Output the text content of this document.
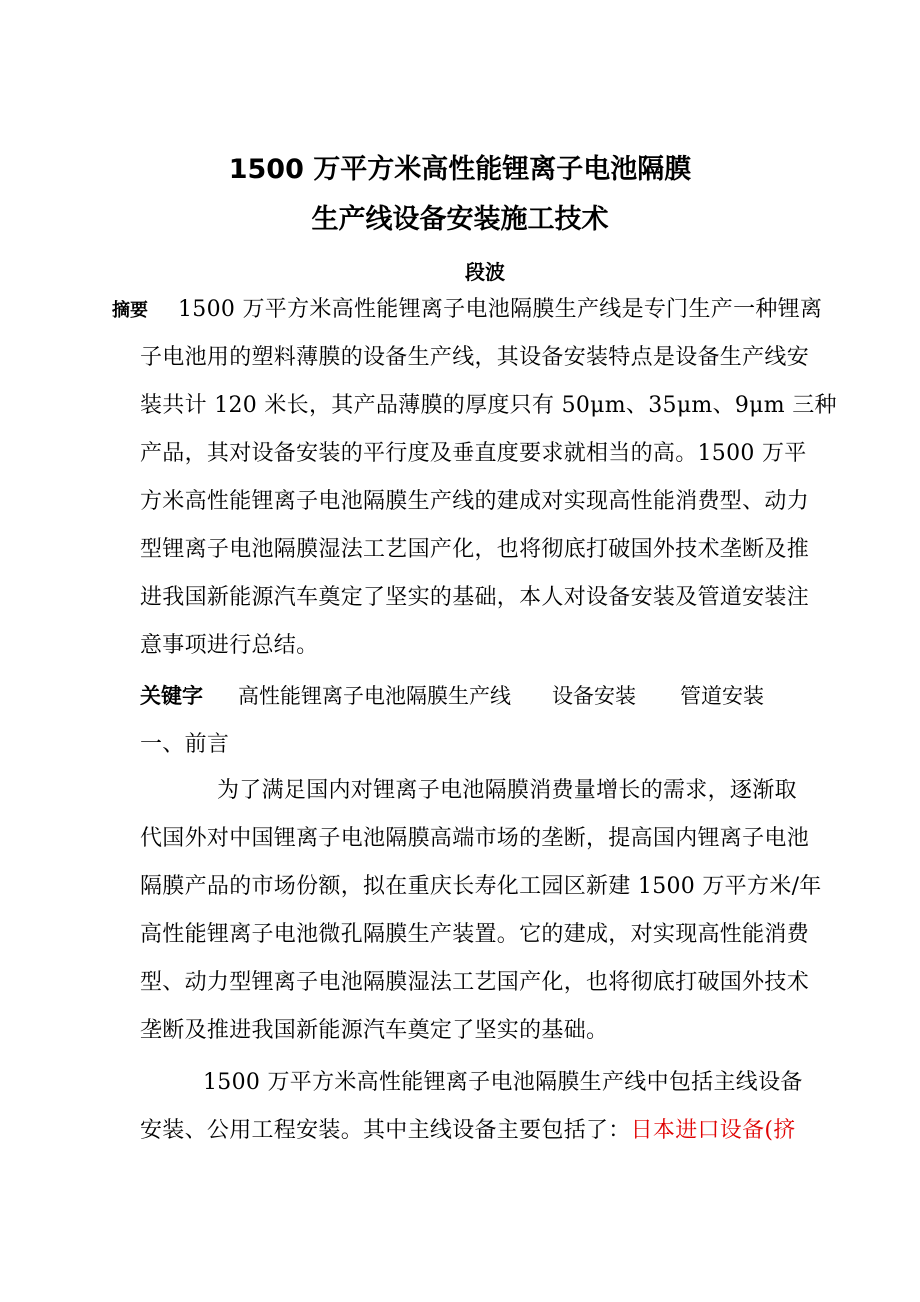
1500 万平方米高性能锂离子电池隔膜
生产线设备安装施工技术
段波
摘要 1500 万平方米高性能锂离子电池隔膜生产线是专门生产一种锂离
子电池用的塑料薄膜的设备生产线，其设备安装特点是设备生产线安
装共计 120 米长，其产品薄膜的厚度只有 50μm、35μm、9μm 三种
产品，其对设备安装的平行度及垂直度要求就相当的高。1500 万平
方米高性能锂离子电池隔膜生产线的建成对实现高性能消费型、动力
型锂离子电池隔膜湿法工艺国产化，也将彻底打破国外技术垄断及推
进我国新能源汽车奠定了坚实的基础，本人对设备安装及管道安装注
意事项进行总结。
关键字 高性能锂离子电池隔膜生产线 设备安装 管道安装
一、前言
为了满足国内对锂离子电池隔膜消费量增长的需求，逐渐取
代国外对中国锂离子电池隔膜高端市场的垄断，提高国内锂离子电池
隔膜产品的市场份额，拟在重庆长寿化工园区新建 1500 万平方米/年
高性能锂离子电池微孔隔膜生产装置。它的建成，对实现高性能消费
型、动力型锂离子电池隔膜湿法工艺国产化，也将彻底打破国外技术
垄断及推进我国新能源汽车奠定了坚实的基础。
1500 万平方米高性能锂离子电池隔膜生产线中包括主线设备
安装、公用工程安装。其中主线设备主要包括了：日本进口设备(挤
